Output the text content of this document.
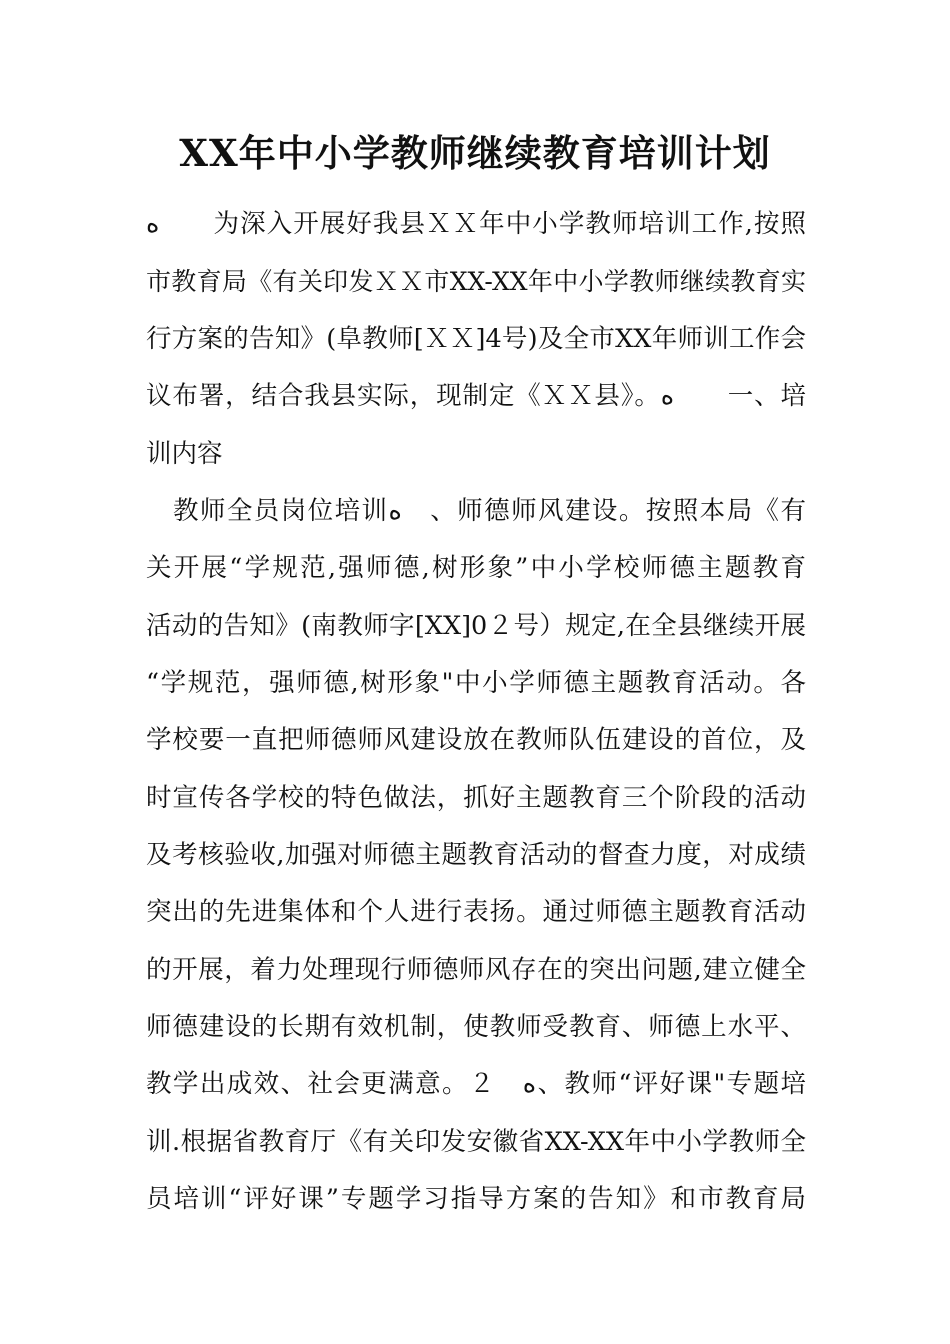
XX年中小学教师继续教育培训计划
ﻩ　　为深入开展好我县ＸＸ年中小学教师培训工作,按照
市教育局《有关印发ＸＸ市XX-XX年中小学教师继续教育实
行方案的告知》(阜教师[ＸＸ]4号)及全市XX年师训工作会
议布署，结合我县实际，现制定《ＸＸ县》。ﻩ　　一、培
训内容
　教师全员岗位培训ﻩ　、师德师风建设。按照本局《有
关开展“学规范,强师德,树形象”中小学校师德主题教育
活动的告知》(南教师字[XX]0２号）规定,在全县继续开展
“学规范，强师德,树形象"中小学师德主题教育活动。各
学校要一直把师德师风建设放在教师队伍建设的首位，及
时宣传各学校的特色做法，抓好主题教育三个阶段的活动
及考核验收,加强对师德主题教育活动的督查力度，对成绩
突出的先进集体和个人进行表扬。通过师德主题教育活动
的开展，着力处理现行师德师风存在的突出问题,建立健全
师德建设的长期有效机制，使教师受教育、师德上水平、
教学出成效、社会更满意。２　ﻩ、教师“评好课"专题培
训.根据省教育厅《有关印发安徽省XX-XX年中小学教师全
员培训“评好课”专题学习指导方案的告知》和市教育局
